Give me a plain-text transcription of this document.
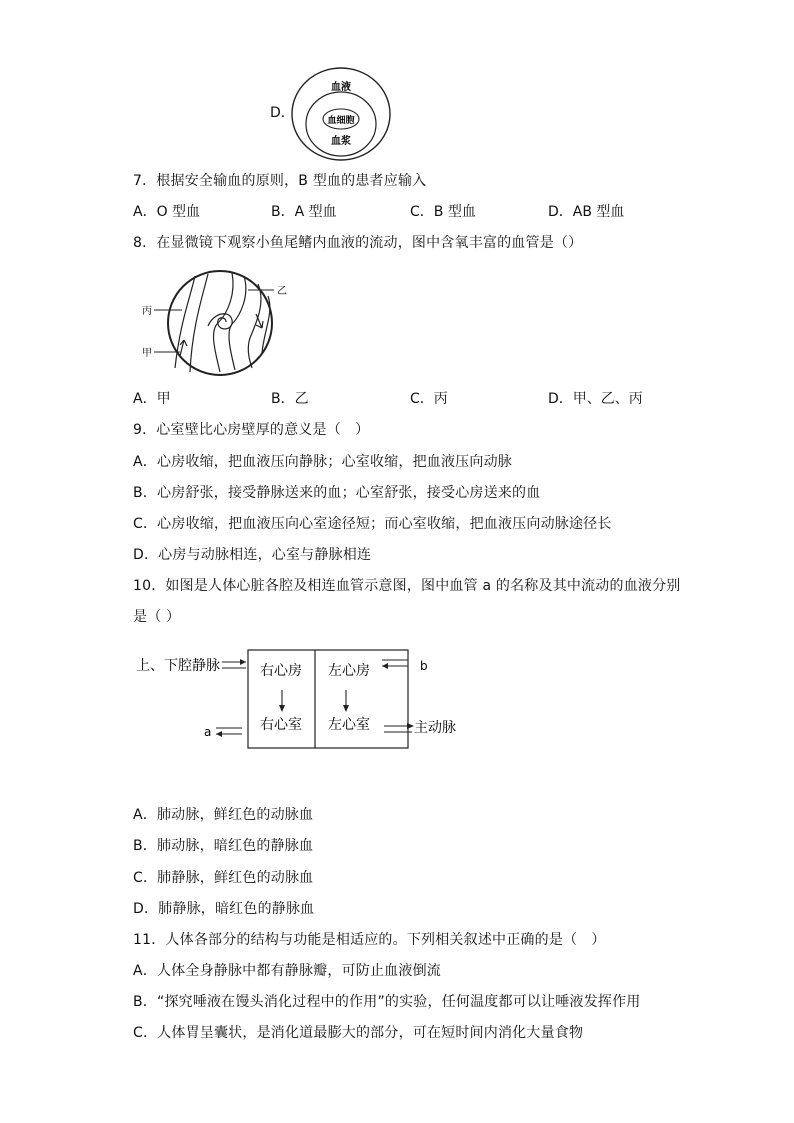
D．
血液
血细胞
血浆
7．根据安全输血的原则，B 型血的患者应输入
A．O 型血	B．A 型血	C．B 型血	D．AB 型血
8．在显微镜下观察小鱼尾鳍内血液的流动，图中含氧丰富的血管是（）
乙
丙
甲
A．甲	B．乙	C．丙	D．甲、乙、丙
9．心室壁比心房壁厚的意义是（　）
A．心房收缩，把血液压向静脉；心室收缩，把血液压向动脉
B．心房舒张，接受静脉送来的血；心室舒张，接受心房送来的血
C．心房收缩，把血液压向心室途径短；而心室收缩，把血液压向动脉途径长
D．心房与动脉相连，心室与静脉相连
10．如图是人体心脏各腔及相连血管示意图，图中血管 a 的名称及其中流动的血液分别
是（ ）
上、下腔静脉	右心房 左心房
右心室 左心室	主动脉
a
b
A．肺动脉，鲜红色的动脉血
B．肺动脉，暗红色的静脉血
C．肺静脉，鲜红色的动脉血
D．肺静脉，暗红色的静脉血
11．人体各部分的结构与功能是相适应的。下列相关叙述中正确的是（　）
A．人体全身静脉中都有静脉瓣，可防止血液倒流
B．“探究唾液在馒头消化过程中的作用”的实验，任何温度都可以让唾液发挥作用
C．人体胃呈囊状，是消化道最膨大的部分，可在短时间内消化大量食物
